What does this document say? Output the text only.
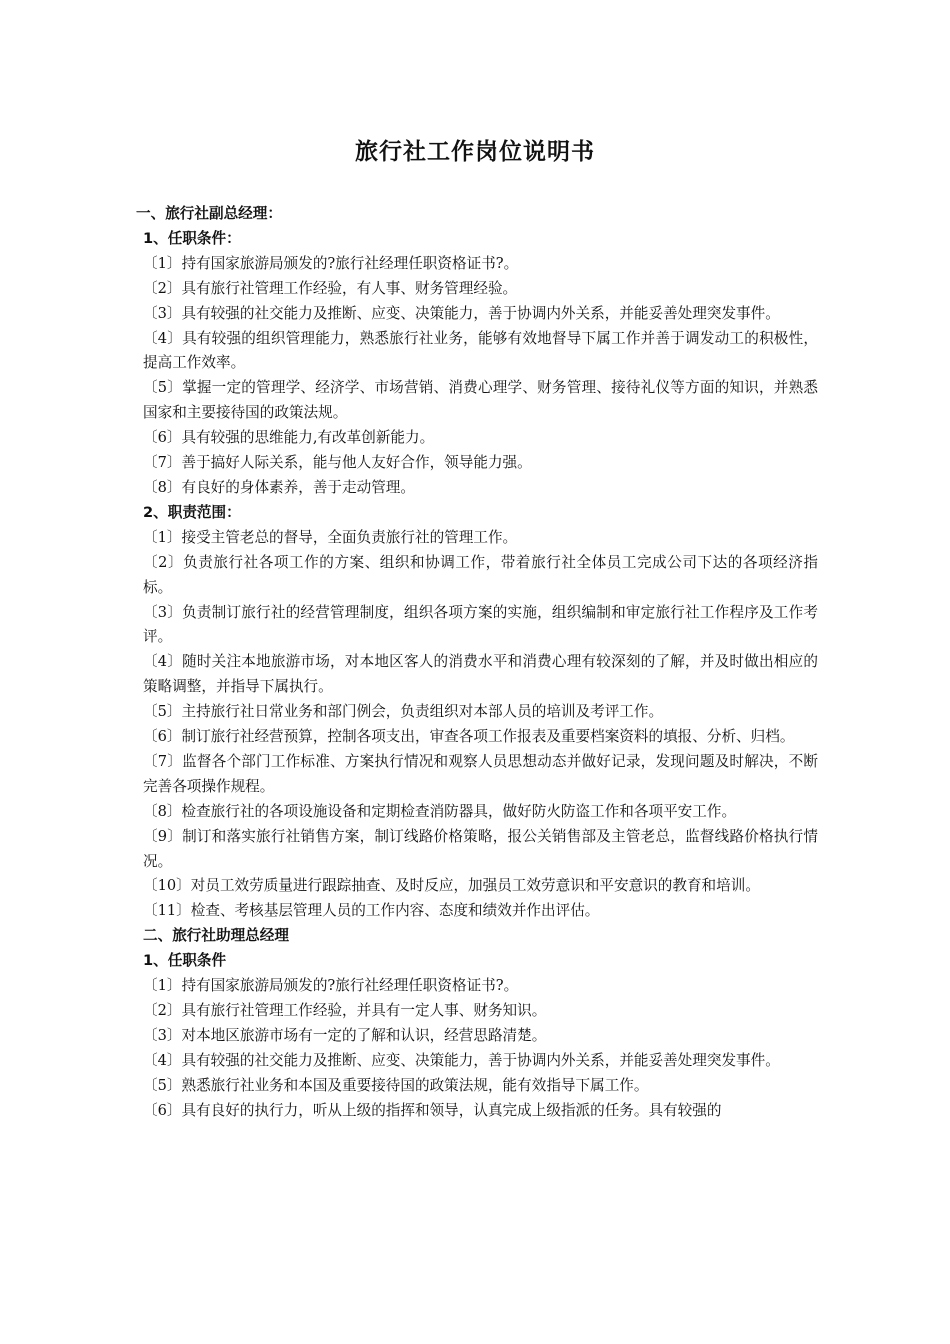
旅行社工作岗位说明书

一、旅行社副总经理：

1、任职条件：

〔1〕持有国家旅游局颁发的?旅行社经理任职资格证书?。

〔2〕具有旅行社管理工作经验，有人事、财务管理经验。

〔3〕具有较强的社交能力及推断、应变、决策能力，善于协调内外关系，并能妥善处理突发事件。

〔4〕具有较强的组织管理能力，熟悉旅行社业务，能够有效地督导下属工作并善于调发动工的积极性，提高工作效率。

〔5〕掌握一定的管理学、经济学、市场营销、消费心理学、财务管理、接待礼仪等方面的知识，并熟悉国家和主要接待国的政策法规。

〔6〕具有较强的思维能力,有改革创新能力。

〔7〕善于搞好人际关系，能与他人友好合作，领导能力强。

〔8〕有良好的身体素养，善于走动管理。

2、职责范围：

〔1〕接受主管老总的督导，全面负责旅行社的管理工作。

〔2〕负责旅行社各项工作的方案、组织和协调工作，带着旅行社全体员工完成公司下达的各项经济指标。

〔3〕负责制订旅行社的经营管理制度，组织各项方案的实施，组织编制和审定旅行社工作程序及工作考评。

〔4〕随时关注本地旅游市场，对本地区客人的消费水平和消费心理有较深刻的了解，并及时做出相应的策略调整，并指导下属执行。

〔5〕主持旅行社日常业务和部门例会，负责组织对本部人员的培训及考评工作。

〔6〕制订旅行社经营预算，控制各项支出，审查各项工作报表及重要档案资料的填报、分析、归档。

〔7〕监督各个部门工作标准、方案执行情况和观察人员思想动态并做好记录，发现问题及时解决，不断完善各项操作规程。

〔8〕检查旅行社的各项设施设备和定期检查消防器具，做好防火防盗工作和各项平安工作。

〔9〕制订和落实旅行社销售方案，制订线路价格策略，报公关销售部及主管老总，监督线路价格执行情况。

〔10〕对员工效劳质量进行跟踪抽查、及时反应，加强员工效劳意识和平安意识的教育和培训。

〔11〕检查、考核基层管理人员的工作内容、态度和绩效并作出评估。

二、旅行社助理总经理

1、任职条件

〔1〕持有国家旅游局颁发的?旅行社经理任职资格证书?。

〔2〕具有旅行社管理工作经验，并具有一定人事、财务知识。

〔3〕对本地区旅游市场有一定的了解和认识，经营思路清楚。

〔4〕具有较强的社交能力及推断、应变、决策能力，善于协调内外关系，并能妥善处理突发事件。

〔5〕熟悉旅行社业务和本国及重要接待国的政策法规，能有效指导下属工作。

〔6〕具有良好的执行力，听从上级的指挥和领导，认真完成上级指派的任务。具有较强的
